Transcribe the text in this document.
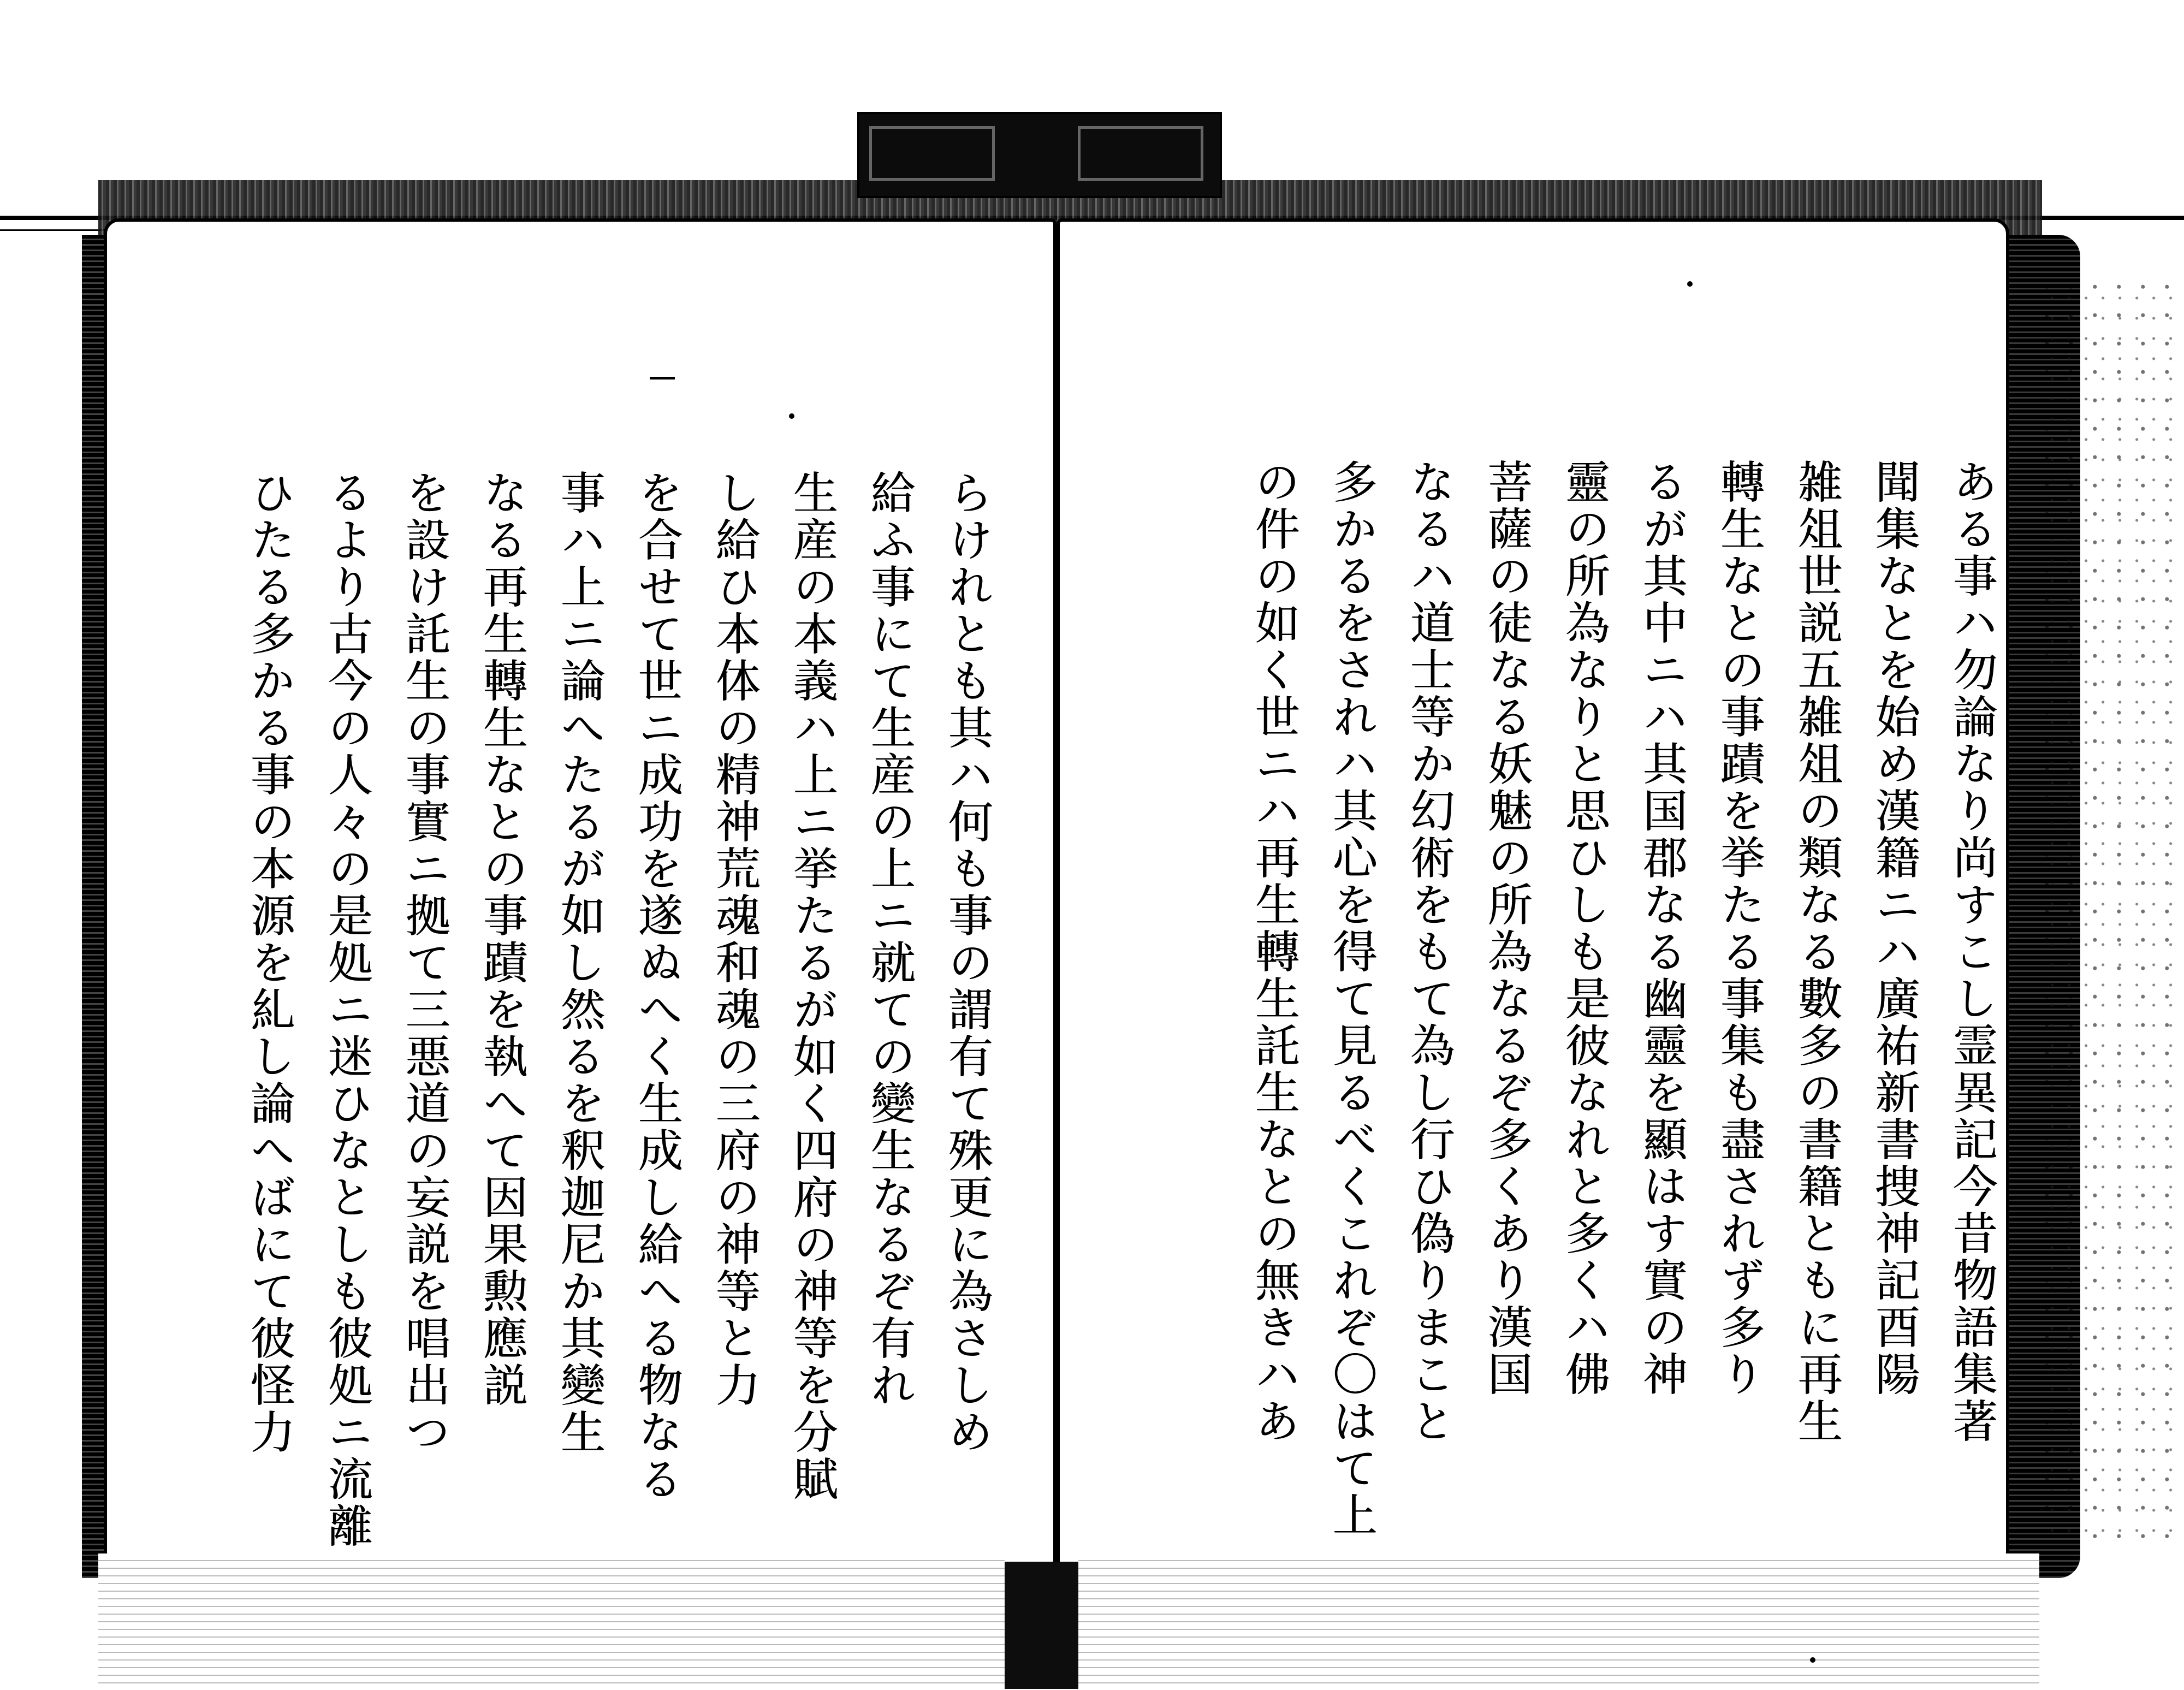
ある事ハ勿論なり尚すこし霊異記今昔物語集著
聞集なとを始め漢籍ニハ廣祐新書捜神記酉陽
雑俎世説五雑俎の類なる數多の書籍ともに再生
轉生なとの事蹟を挙たる事集も盡されず多り
るが其中ニハ其国郡なる幽靈を顯はす實の神
靈の所為なりと思ひしも是彼なれと多くハ佛
菩薩の徒なる妖魅の所為なるぞ多くあり漢国
なるハ道士等か幻術をもて為し行ひ偽りまこと
多かるをされハ其心を得て見るべくこれぞ〇はて上
の件の如く世ニハ再生轉生託生なとの無きハあ
らけれとも其ハ何も事の謂有て殊更に為さしめ
給ふ事にて生産の上ニ就ての變生なるぞ有れ
生産の本義ハ上ニ挙たるが如く四府の神等を分賦
し給ひ本体の精神荒魂和魂の三府の神等と力
を合せて世ニ成功を遂ぬへく生成し給へる物なる
事ハ上ニ論へたるが如し然るを釈迦尼か其變生
なる再生轉生なとの事蹟を執へて因果勲應説
を設け託生の事實ニ拠て三悪道の妄説を唱出つ
るより古今の人々の是処ニ迷ひなとしも彼処ニ流離
ひたる多かる事の本源を糺し論へばにて彼怪力
